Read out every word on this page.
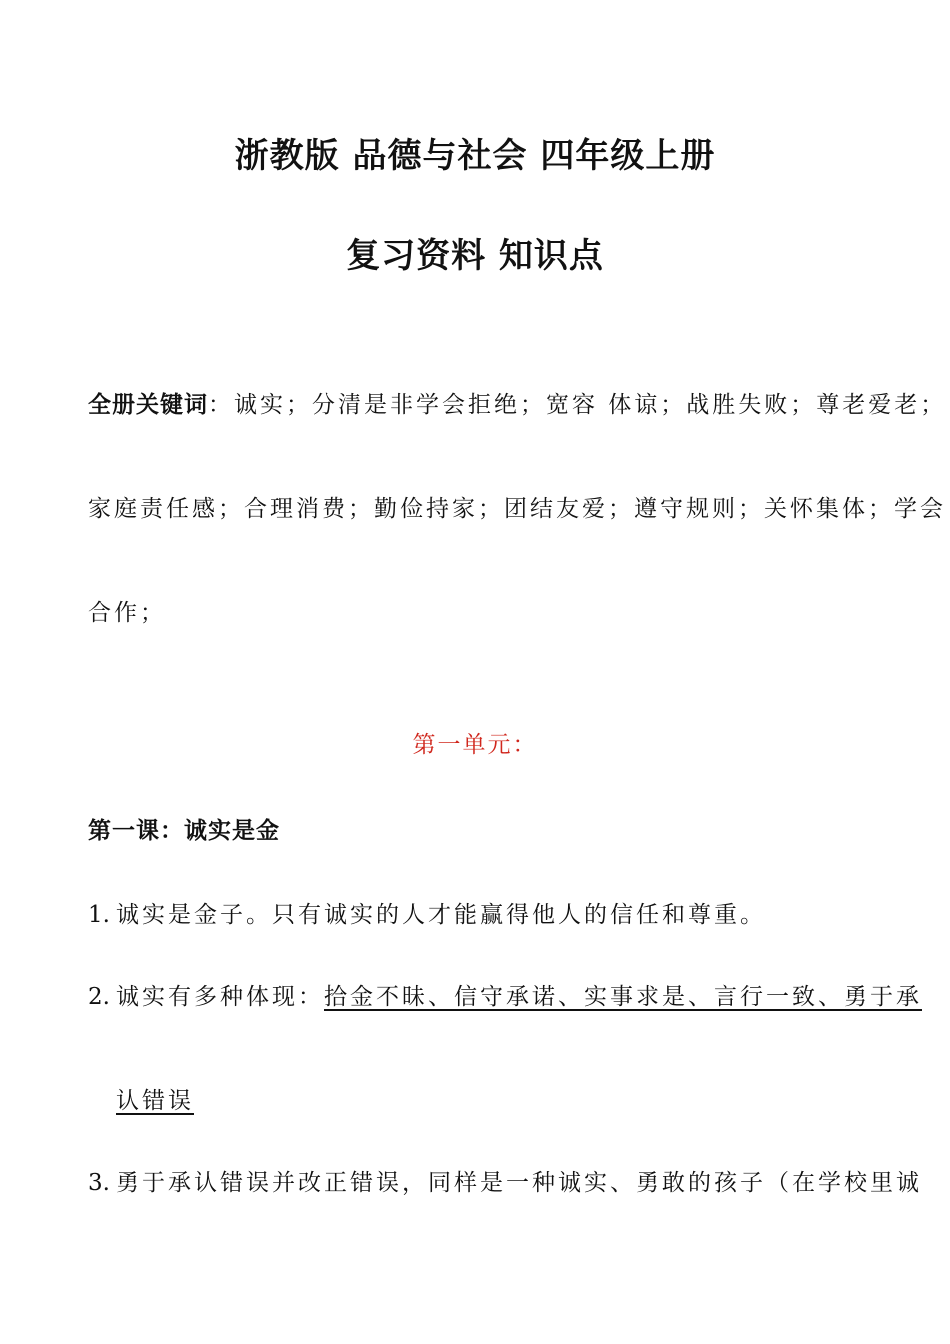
浙教版 品德与社会 四年级上册
复习资料 知识点
全册关键词：诚实；分清是非学会拒绝；宽容 体谅；战胜失败；尊老爱老；
家庭责任感；合理消费；勤俭持家；团结友爱；遵守规则；关怀集体；学会
合作；
第一单元：
第一课：诚实是金
1. 诚实是金子。只有诚实的人才能赢得他人的信任和尊重。
2. 诚实有多种体现：拾金不昧、信守承诺、实事求是、言行一致、勇于承
认错误
3. 勇于承认错误并改正错误，同样是一种诚实、勇敢的孩子（在学校里诚
